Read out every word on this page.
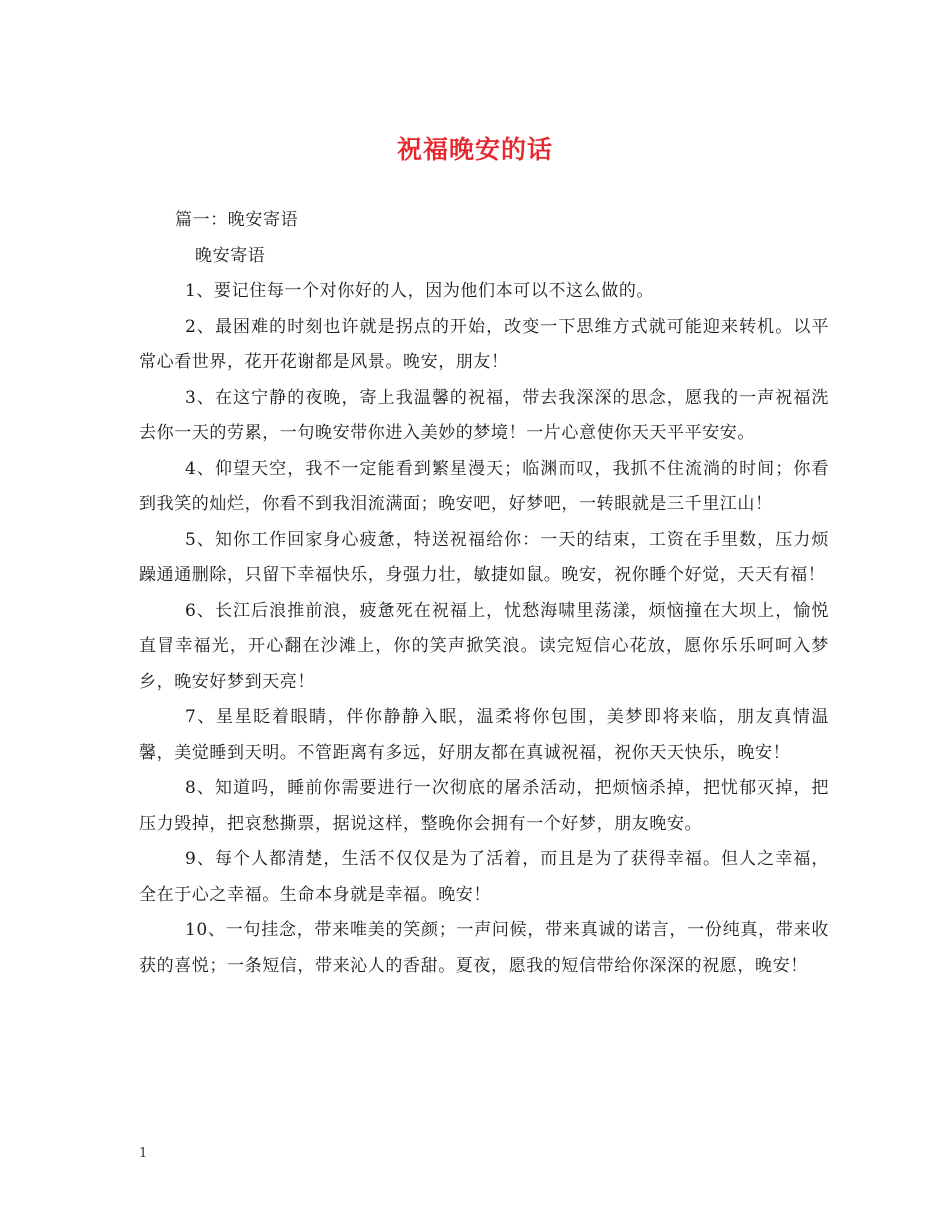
祝福晚安的话

篇一：晚安寄语

晚安寄语

1、要记住每一个对你好的人，因为他们本可以不这么做的。

2、最困难的时刻也许就是拐点的开始，改变一下思维方式就可能迎来转机。以平常心看世界，花开花谢都是风景。晚安，朋友！

3、在这宁静的夜晚，寄上我温馨的祝福，带去我深深的思念，愿我的一声祝福洗去你一天的劳累，一句晚安带你进入美妙的梦境！一片心意使你天天平平安安。

4、仰望天空，我不一定能看到繁星漫天；临渊而叹，我抓不住流淌的时间；你看到我笑的灿烂，你看不到我泪流满面；晚安吧，好梦吧，一转眼就是三千里江山！

5、知你工作回家身心疲惫，特送祝福给你：一天的结束，工资在手里数，压力烦躁通通删除，只留下幸福快乐，身强力壮，敏捷如鼠。晚安，祝你睡个好觉，天天有福！

6、长江后浪推前浪，疲惫死在祝福上，忧愁海啸里荡漾，烦恼撞在大坝上，愉悦直冒幸福光，开心翻在沙滩上，你的笑声掀笑浪。读完短信心花放，愿你乐乐呵呵入梦乡，晚安好梦到天亮！

7、星星眨着眼睛，伴你静静入眠，温柔将你包围，美梦即将来临，朋友真情温馨，美觉睡到天明。不管距离有多远，好朋友都在真诚祝福，祝你天天快乐，晚安！

8、知道吗，睡前你需要进行一次彻底的屠杀活动，把烦恼杀掉，把忧郁灭掉，把压力毁掉，把哀愁撕票，据说这样，整晚你会拥有一个好梦，朋友晚安。

9、每个人都清楚，生活不仅仅是为了活着，而且是为了获得幸福。但人之幸福，全在于心之幸福。生命本身就是幸福。晚安！

10、一句挂念，带来唯美的笑颜；一声问候，带来真诚的诺言，一份纯真，带来收获的喜悦；一条短信，带来沁人的香甜。夏夜，愿我的短信带给你深深的祝愿，晚安！

1
